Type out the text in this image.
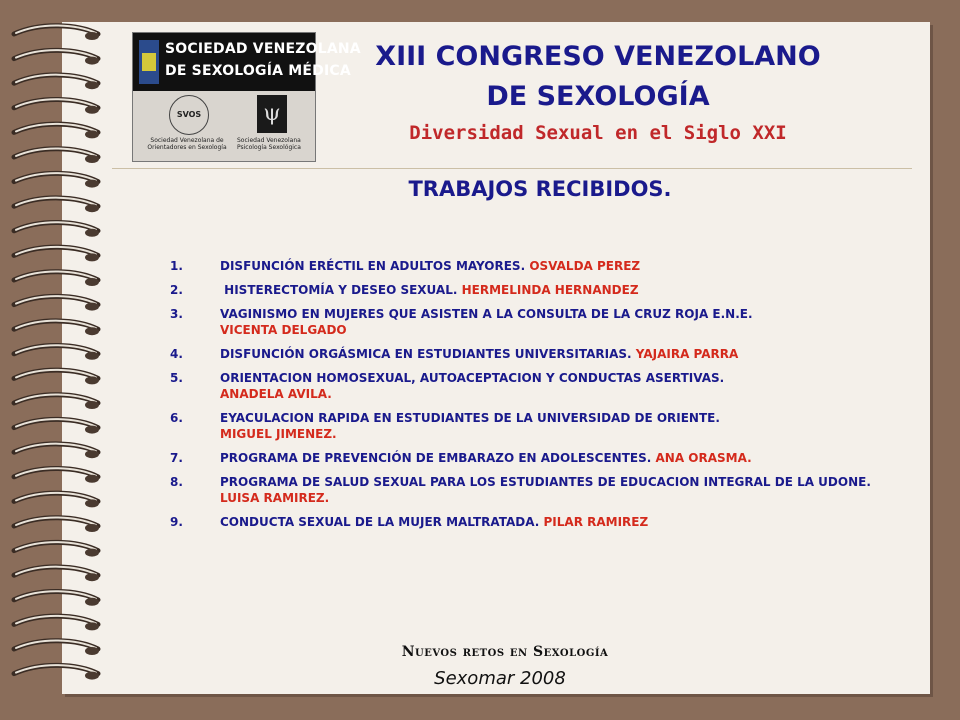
SOCIEDAD VENEZOLANA
DE SEXOLOGÍA MÉDICA
SVOS
Sociedad Venezolana de Orientadores en Sexología
ψ
Sociedad Venezolana Psicología Sexológica
XIII CONGRESO VENEZOLANO
DE SEXOLOGÍA
Diversidad Sexual en el Siglo XXI
TRABAJOS RECIBIDOS.
1.	DISFUNCIÓN ERÉCTIL EN ADULTOS MAYORES. OSVALDA PEREZ
2.	HISTERECTOMÍA Y DESEO SEXUAL. HERMELINDA HERNANDEZ
3.	VAGINISMO EN MUJERES QUE ASISTEN A LA CONSULTA DE LA CRUZ ROJA E.N.E.
VICENTA DELGADO
4.	DISFUNCIÓN ORGÁSMICA EN ESTUDIANTES UNIVERSITARIAS. YAJAIRA PARRA
5.	ORIENTACION HOMOSEXUAL, AUTOACEPTACION Y CONDUCTAS ASERTIVAS.
ANADELA AVILA.
6.	EYACULACION RAPIDA EN ESTUDIANTES DE LA UNIVERSIDAD DE ORIENTE.
MIGUEL JIMENEZ.
7.	PROGRAMA DE PREVENCIÓN DE EMBARAZO EN ADOLESCENTES. ANA ORASMA.
8.	PROGRAMA DE SALUD SEXUAL PARA LOS ESTUDIANTES DE EDUCACION INTEGRAL DE LA UDONE. LUISA RAMIREZ.
9.	CONDUCTA SEXUAL DE LA MUJER MALTRATADA. PILAR RAMIREZ
Nuevos retos en Sexología
Sexomar 2008
